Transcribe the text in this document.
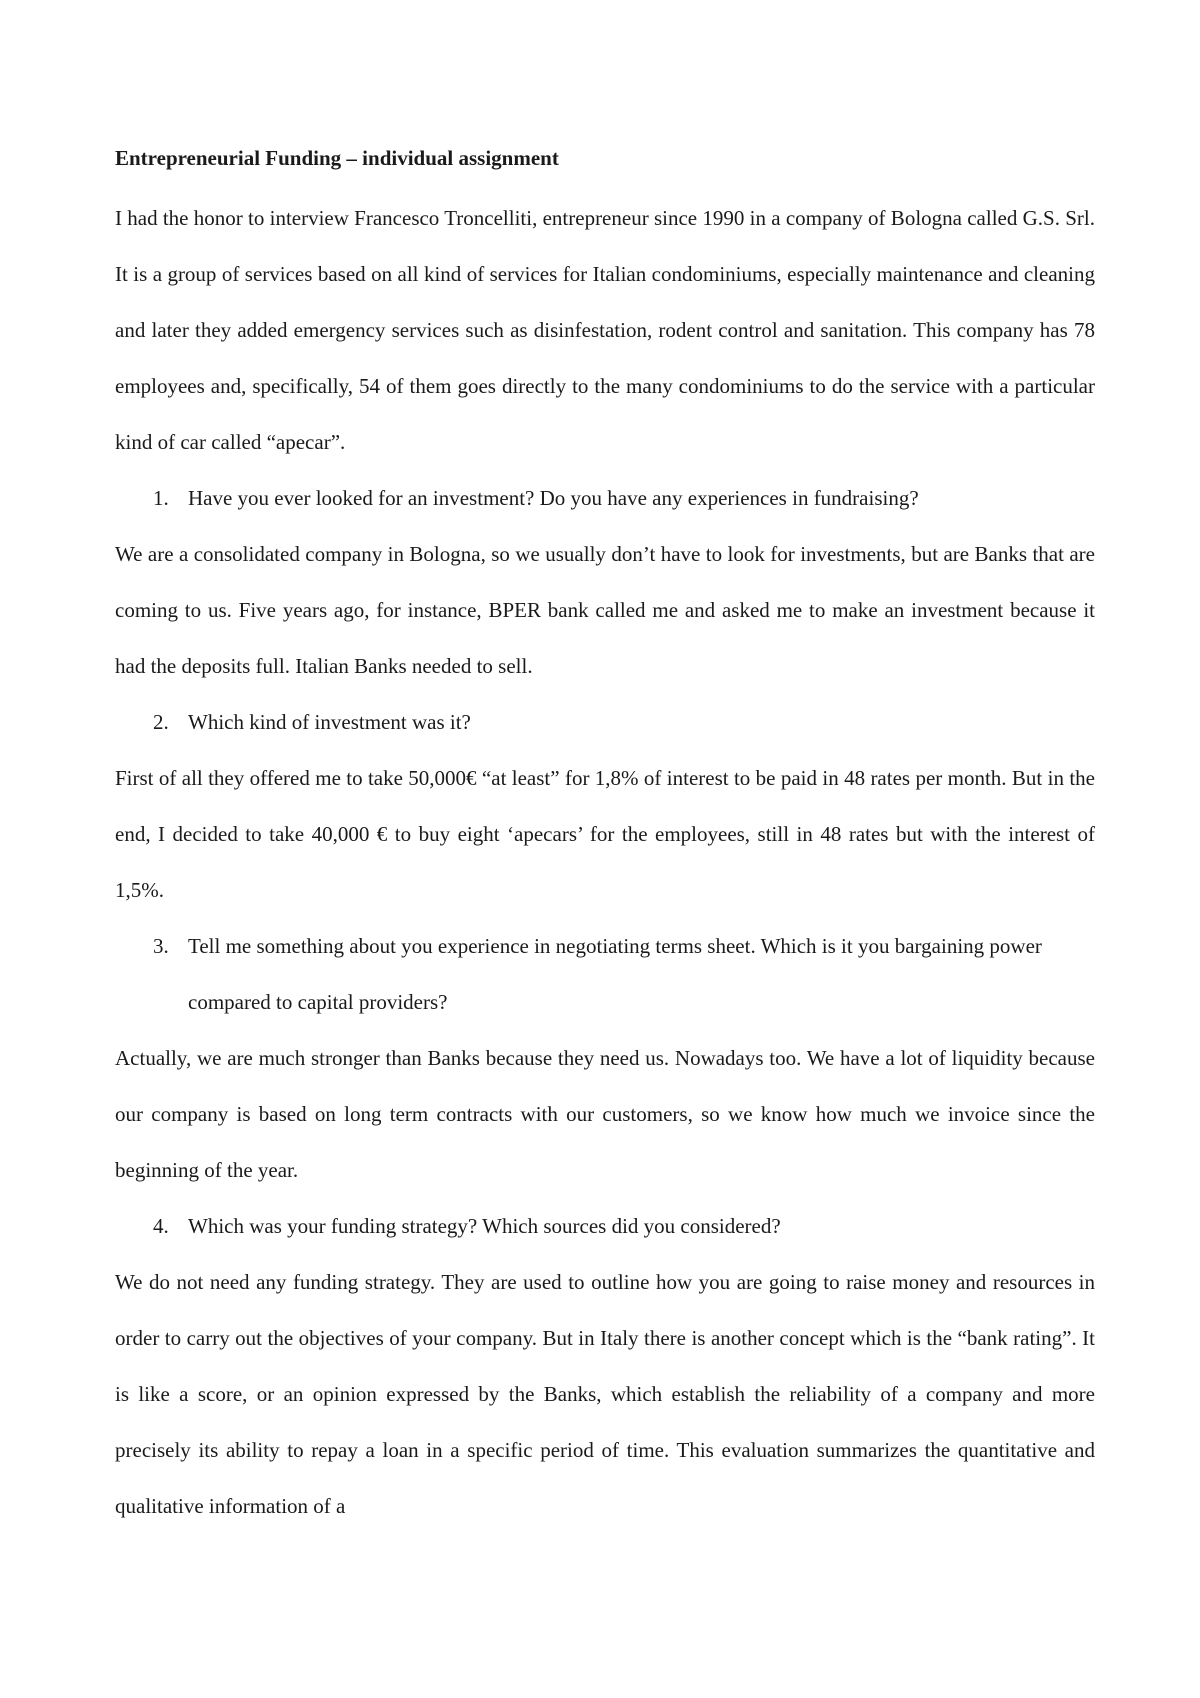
Entrepreneurial Funding – individual assignment

I had the honor to interview Francesco Troncelliti, entrepreneur since 1990 in a company of Bologna called G.S. Srl. It is a group of services based on all kind of services for Italian condominiums, especially maintenance and cleaning and later they added emergency services such as disinfestation, rodent control and sanitation. This company has 78 employees and, specifically, 54 of them goes directly to the many condominiums to do the service with a particular kind of car called “apecar”.

1. Have you ever looked for an investment? Do you have any experiences in fundraising?

We are a consolidated company in Bologna, so we usually don’t have to look for investments, but are Banks that are coming to us. Five years ago, for instance, BPER bank called me and asked me to make an investment because it had the deposits full. Italian Banks needed to sell.

2. Which kind of investment was it?

First of all they offered me to take 50,000€ “at least” for 1,8% of interest to be paid in 48 rates per month. But in the end, I decided to take 40,000 € to buy eight ‘apecars’ for the employees, still in 48 rates but with the interest of 1,5%.

3. Tell me something about you experience in negotiating terms sheet. Which is it you bargaining power compared to capital providers?

Actually, we are much stronger than Banks because they need us. Nowadays too. We have a lot of liquidity because our company is based on long term contracts with our customers, so we know how much we invoice since the beginning of the year.

4. Which was your funding strategy? Which sources did you considered?

We do not need any funding strategy. They are used to outline how you are going to raise money and resources in order to carry out the objectives of your company. But in Italy there is another concept which is the “bank rating”. It is like a score, or an opinion expressed by the Banks, which establish the reliability of a company and more precisely its ability to repay a loan in a specific period of time. This evaluation summarizes the quantitative and qualitative information of a
